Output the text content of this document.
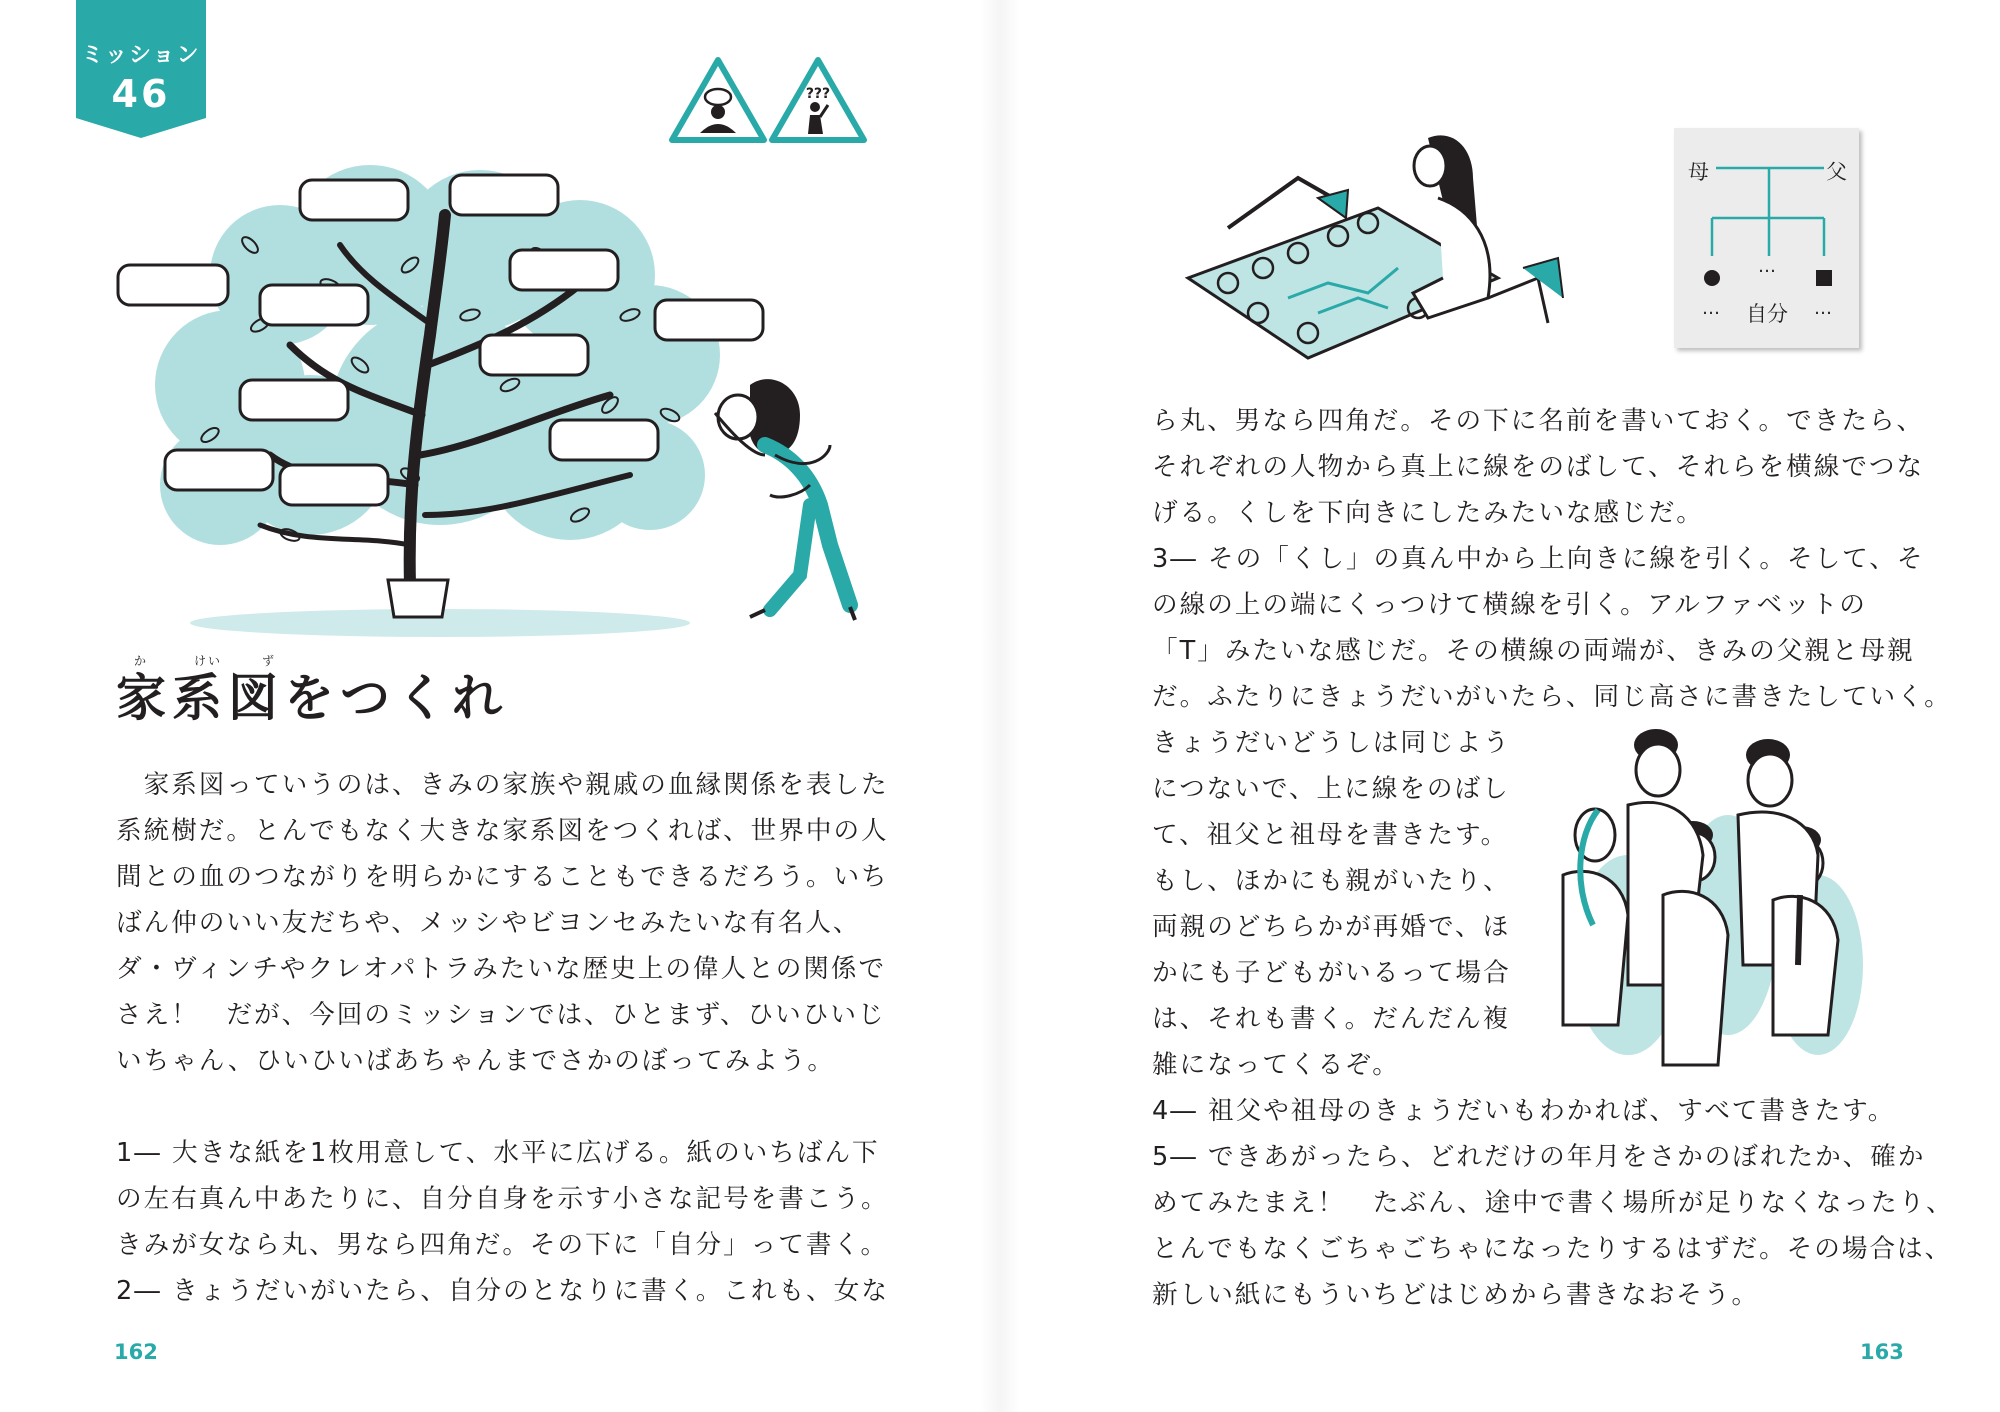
ミッション
46	???
か	けい	ず
家系図をつくれ
　家系図っていうのは、きみの家族や親戚の血縁関係を表した
系統樹だ。とんでもなく大きな家系図をつくれば、世界中の人
間との血のつながりを明らかにすることもできるだろう。いち
ばん仲のいい友だちや、メッシやビヨンセみたいな有名人、
ダ・ヴィンチやクレオパトラみたいな歴史上の偉人との関係で
さえ！　だが、今回のミッションでは、ひとまず、ひいひいじ
いちゃん、ひいひいばあちゃんまでさかのぼってみよう。
1― 大きな紙を1枚用意して、水平に広げる。紙のいちばん下
の左右真ん中あたりに、自分自身を示す小さな記号を書こう。
きみが女なら丸、男なら四角だ。その下に「自分」って書く。
2― きょうだいがいたら、自分のとなりに書く。これも、女な
162
母	父
…
自分
…	…
ら丸、男なら四角だ。その下に名前を書いておく。できたら、
それぞれの人物から真上に線をのばして、それらを横線でつな
げる。くしを下向きにしたみたいな感じだ。
3― その「くし」の真ん中から上向きに線を引く。そして、そ
の線の上の端にくっつけて横線を引く。アルファベットの
「T」みたいな感じだ。その横線の両端が、きみの父親と母親
だ。ふたりにきょうだいがいたら、同じ高さに書きたしていく。
きょうだいどうしは同じよう
につないで、上に線をのばし
て、祖父と祖母を書きたす。
もし、ほかにも親がいたり、
両親のどちらかが再婚で、ほ
かにも子どもがいるって場合
は、それも書く。だんだん複
雑になってくるぞ。
4― 祖父や祖母のきょうだいもわかれば、すべて書きたす。
5― できあがったら、どれだけの年月をさかのぼれたか、確か
めてみたまえ！　たぶん、途中で書く場所が足りなくなったり、
とんでもなくごちゃごちゃになったりするはずだ。その場合は、
新しい紙にもういちどはじめから書きなおそう。
163
